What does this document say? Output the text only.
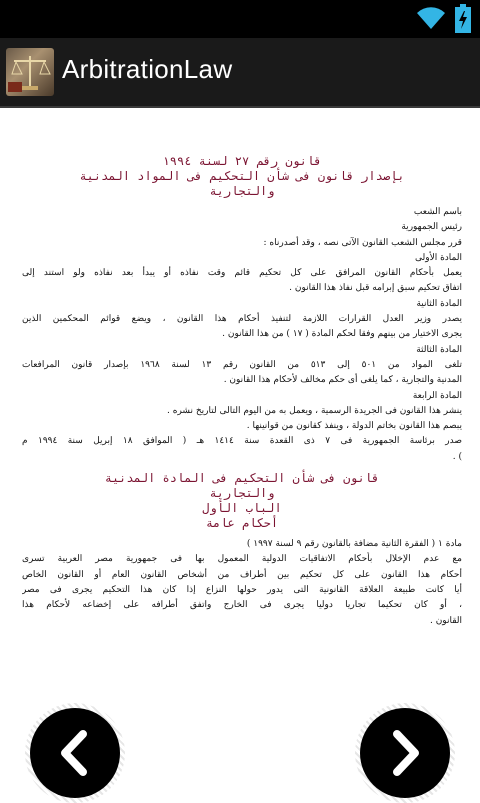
ArbitrationLaw
قانون رقم ٢٧ لسنة ١٩٩٤
بإصدار قانون فى شأن التحكيم فى المواد المدنية
والتجارية
باسم الشعب
رئيس الجمهورية
قرر مجلس الشعب القانون الآتى نصه ، وقد أصدرناه :
المادة الأولى
يعمل بأحكام القانون المرافق على كل تحكيم قائم وقت نفاذه أو يبدأ بعد نفاذه ولو استند إلى
اتفاق تحكيم سبق إبرامه قبل نفاذ هذا القانون .
المادة الثانية
يصدر وزير العدل القرارات اللازمة لتنفيذ أحكام هذا القانون ، ويضع قوائم المحكمين الذين
يجرى الاختيار من بينهم وفقا لحكم المادة ( ١٧ ) من هذا القانون .
المادة الثالثة
تلغى المواد من ٥٠١ إلى ٥١٣ من القانون رقم ١٣ لسنة ١٩٦٨ بإصدار قانون المرافعات
المدنية والتجارية ، كما يلغى أى حكم مخالف لأحكام هذا القانون .
المادة الرابعة
ينشر هذا القانون فى الجريدة الرسمية ، ويعمل به من اليوم التالى لتاريخ نشره .
يبصم هذا القانون بخاتم الدولة ، وينفذ كقانون من قوانينها .
صدر برئاسة الجمهورية فى ٧ ذى القعدة سنة ١٤١٤ هـ ( الموافق ١٨ إبريل سنة ١٩٩٤ م
) .
قانون فى شأن التحكيم فى المادة المدنية
والتجارية
الباب الأول
أحكام عامة
مادة ١ ( الفقرة الثانية مضافة بالقانون رقم ٩ لسنة ١٩٩٧ )
مع عدم الإخلال بأحكام الاتفاقيات الدولية المعمول بها فى جمهورية مصر العربية تسرى
أحكام هذا القانون على كل تحكيم بين أطراف من أشخاص القانون العام أو القانون الخاص
أيا كانت طبيعة العلاقة القانونية التى يدور حولها النزاع إذا كان هذا التحكيم يجرى فى مصر
، أو كان تحكيما تجاريا دوليا يجرى فى الخارج واتفق أطرافه على إخضاعه لأحكام هذا
القانون .
